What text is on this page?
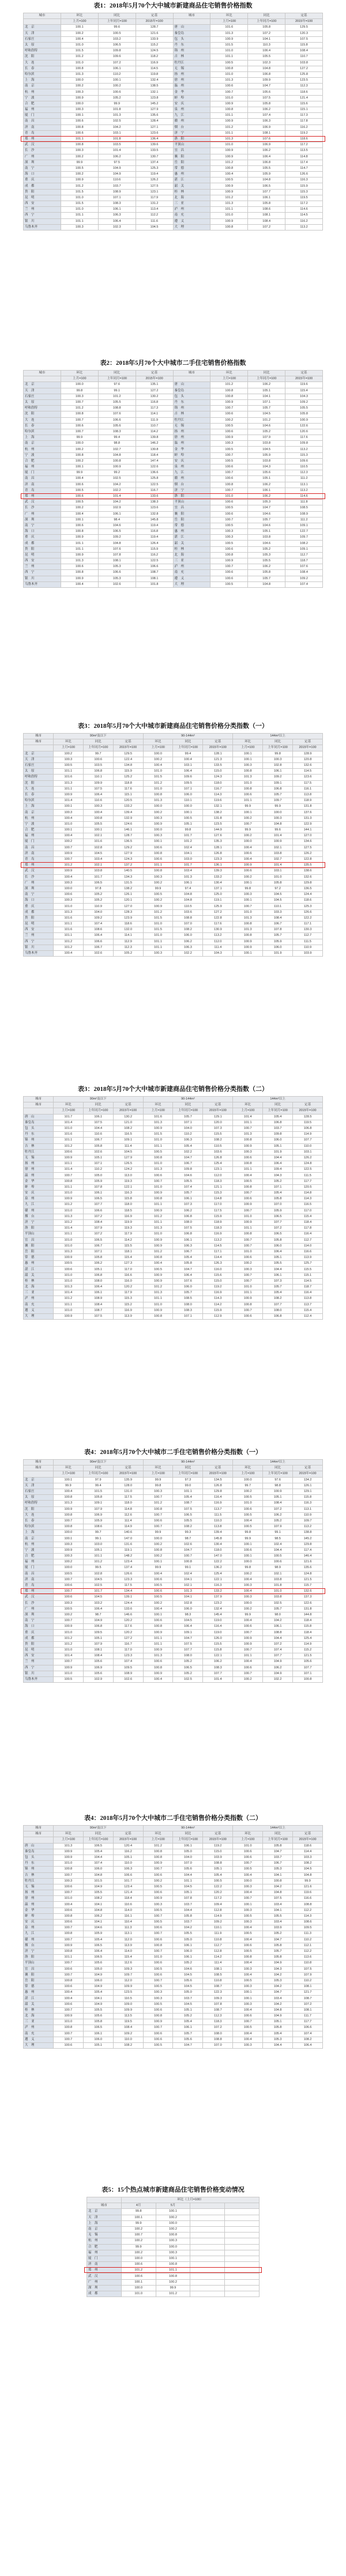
表1：2018年5月70个大中城市新建商品住宅销售价格指数
城市	环比	同比	定基	城市	环比	同比	定基
	上月=100	上年同月=100	2015年=100		上月=100	上年同月=100	2015年=100
北　京	100.1	99.6	128.7	唐　山	101.6	105.8	129.5
天　津	100.2	100.5	121.6	秦皇岛	101.3	107.2	120.3
石家庄	100.4	103.2	133.9	包　头	100.9	104.1	107.5
太　原	101.0	106.5	115.2	丹　东	101.5	110.3	115.8
呼和浩特	101.5	109.8	124.5	锦　州	101.0	106.4	108.4
沈　阳	101.2	109.6	118.2	吉　林	101.1	105.5	110.7
大　连	101.0	107.2	116.9	牡丹江	100.5	102.3	103.8
长　春	100.8	106.1	114.5	无　锡	100.8	104.8	127.2
哈尔滨	101.3	110.2	119.8	扬　州	101.0	106.8	125.8
上　海	100.0	100.1	132.4	徐　州	101.3	109.9	123.5
南　京	100.2	100.2	138.5	温　州	100.6	104.7	112.3
杭　州	100.3	100.6	132.1	金　华	100.7	105.6	118.6
宁　波	100.9	105.2	123.8	蚌　埠	101.0	107.5	121.4
合　肥	100.0	99.9	145.2	安　庆	100.9	105.8	115.6
福　州	100.3	101.8	127.9	泉　州	100.8	106.2	115.1
厦　门	100.1	101.3	135.6	九　江	101.1	107.4	117.3
南　昌	100.6	102.5	128.4	赣　州	100.9	106.3	117.8
济　南	100.8	104.2	127.1	烟　台	101.2	106.9	116.2
青　岛	100.6	103.1	123.6	济　宁	101.1	108.1	119.2
郑　州	101.1	101.8	136.4	洛　阳	101.3	107.6	118.6
武　汉	100.8	103.5	139.6	平顶山	101.0	106.9	117.2
长　沙	100.3	101.4	133.5	宜　昌	100.9	106.2	113.5
广　州	100.2	106.2	130.7	襄　阳	100.9	106.4	114.8
深　圳	99.9	97.5	137.4	岳　阳	101.2	106.8	117.4
南　宁	100.5	104.9	125.3	常　德	100.8	105.5	114.7
海　口	100.2	104.9	119.4	惠　州	100.4	105.9	126.6
重　庆	100.9	110.6	126.2	湛　江	100.5	104.8	116.3
成　都	101.2	103.7	127.5	韶　关	100.9	106.5	115.9
贵　阳	101.5	108.9	123.1	桂　林	100.9	107.7	115.3
昆　明	101.0	107.1	117.9	北　海	101.2	106.1	119.5
西　安	101.5	108.3	131.2	三　亚	101.3	105.8	117.2
兰　州	101.0	106.1	113.4	泸　州	101.1	108.6	114.6
西　宁	101.1	106.3	112.2	南　充	101.0	108.1	114.5
银　川	101.1	106.4	111.6	遵　义	100.9	108.4	116.2
乌鲁木齐	100.3	102.3	104.5	大　理	100.8	107.2	113.2
表2：2018年5月70个大中城市二手住宅销售价格指数
城市	环比	同比	定基	城市	环比	同比	定基
	上月=100	上年同月=100	2015年=100		上月=100	上年同月=100	2015年=100
北　京	100.0	97.6	135.1	唐　山	101.2	106.2	119.6
天　津	99.8	99.1	127.2	秦皇岛	100.8	105.1	115.4
石家庄	100.3	101.2	130.2	包　头	100.8	104.1	104.3
太　原	100.7	105.5	116.8	丹　东	100.9	107.1	109.2
呼和浩特	101.2	108.8	117.3	锦　州	100.7	105.7	105.5
沈　阳	100.8	107.6	114.1	吉　林	100.6	104.5	105.8
大　连	100.7	106.6	111.9	牡丹江	100.2	101.2	100.9
长　春	100.6	105.6	110.7	无　锡	100.5	104.6	122.6
哈尔滨	100.7	108.3	114.2	扬　州	100.6	105.2	120.6
上　海	99.9	99.4	139.8	徐　州	100.9	107.9	117.6
南　京	100.0	98.8	146.2	温　州	100.3	103.8	109.8
杭　州	100.2	102.7	130.8	金　华	100.5	104.5	113.2
宁　波	100.8	104.8	118.4	蚌　埠	100.7	105.9	115.3
合　肥	100.2	100.8	147.4	安　庆	100.5	103.8	109.6
福　州	100.1	100.9	122.6	泉　州	100.6	104.3	110.5
厦　门	99.9	99.2	136.6	九　江	100.7	105.6	112.3
南　昌	100.4	102.5	125.8	赣　州	100.6	105.1	111.2
济　南	100.6	104.2	122.5	烟　台	100.8	106.2	113.1
青　岛	100.5	102.2	116.7	济　宁	100.7	106.1	113.2
郑　州	100.6	101.4	133.6	洛　阳	101.0	106.2	114.6
武　汉	100.5	104.2	138.3	平顶山	100.6	105.3	111.8
长　沙	100.2	102.9	123.6	宜　昌	100.5	104.7	108.5
广　州	100.4	106.1	132.8	襄　阳	100.6	104.6	108.9
深　圳	100.1	98.4	145.8	岳　阳	100.7	105.7	111.2
南　宁	100.6	104.6	119.4	常　德	100.5	104.6	109.1
海　口	100.8	106.5	116.8	惠　州	100.3	105.1	122.7
重　庆	100.9	109.2	119.4	湛　江	100.3	103.8	109.7
成　都	101.1	104.8	126.4	韶　关	100.5	104.6	108.2
贵　阳	101.1	107.6	115.9	桂　林	100.6	105.2	109.1
昆　明	100.9	107.8	116.2	北　海	100.8	105.3	112.7
西　安	101.3	108.1	122.5	三　亚	100.9	105.5	118.7
兰　州	100.6	105.3	106.6	泸　州	100.7	106.2	107.6
西　宁	100.8	106.6	108.7	南　充	100.6	105.8	108.4
银　川	100.9	105.3	108.1	遵　义	100.6	105.7	109.2
乌鲁木齐	100.4	102.6	101.8	大　理	100.5	104.8	107.4
表3：2018年5月70个大中城市新建商品住宅销售价格分类指数（一）
城市	90m²及以下			90-144m²			144m²以上		
城市	环比	同比	定基	环比	同比	定基	环比	同比	定基
	上月=100	上年同月=100	2015年=100	上月=100	上年同月=100	2015年=100	上月=100	上年同月=100	2015年=100
北　京	100.2	99.7	129.5	100.0	99.4	128.1	100.1	99.8	128.9
天　津	100.3	100.6	122.4	100.2	100.4	121.3	100.1	100.3	120.8
石家庄	100.5	103.5	134.8	100.4	103.1	133.5	100.3	102.8	132.6
太　原	101.1	106.8	115.9	101.0	106.4	115.0	100.8	106.1	114.5
呼和浩特	101.6	110.1	125.2	101.5	109.6	124.3	101.3	109.2	123.6
沈　阳	101.3	109.9	118.8	101.2	109.5	118.0	101.0	109.1	117.5
大　连	101.1	107.5	117.6	101.0	107.1	116.7	100.8	106.8	116.1
长　春	100.9	106.4	115.1	100.8	106.0	114.3	100.6	105.7	113.8
哈尔滨	101.4	110.6	120.5	101.3	110.1	119.6	101.1	109.7	118.9
上　海	100.1	100.3	133.2	100.0	100.0	132.1	99.9	99.9	131.8
南　京	100.3	100.4	139.4	100.2	100.1	138.2	100.1	100.0	137.6
杭　州	100.4	100.8	132.9	100.3	100.5	131.8	100.2	100.3	131.3
宁　波	101.0	105.5	124.6	100.9	105.1	123.5	100.7	104.8	122.9
合　肥	100.1	100.1	146.1	100.0	99.8	144.9	99.9	99.6	144.1
福　州	100.4	102.1	128.7	100.3	101.7	127.6	100.2	101.4	127.0
厦　门	100.2	101.6	136.5	100.1	101.2	135.3	100.0	100.9	134.6
南　昌	100.7	102.8	129.2	100.6	102.4	128.1	100.4	102.1	127.5
济　南	100.9	104.5	127.9	100.8	104.1	126.8	100.6	103.8	126.2
青　岛	100.7	103.4	124.3	100.6	103.0	123.3	100.4	102.7	122.8
郑　州	101.2	102.1	137.2	101.1	101.7	136.1	100.9	101.4	135.5
武　汉	100.9	103.8	140.5	100.8	103.4	139.3	100.6	103.1	138.6
长　沙	100.4	101.7	134.3	100.3	101.3	133.2	100.2	101.0	132.6
广　州	100.3	106.5	131.5	100.2	106.1	130.4	100.1	105.8	129.8
深　圳	100.0	97.8	138.2	99.9	97.4	137.1	99.8	97.2	136.5
南　宁	100.6	105.2	126.1	100.5	104.8	125.0	100.3	104.5	124.4
海　口	100.3	105.2	120.1	100.2	104.8	119.1	100.1	104.5	118.6
重　庆	101.0	110.9	127.0	100.9	110.5	125.9	100.7	110.1	125.3
成　都	101.3	104.0	128.3	101.2	103.6	127.2	101.0	103.3	126.6
贵　阳	101.6	109.2	123.9	101.5	108.8	122.8	101.3	108.4	122.2
昆　明	101.1	107.4	118.6	101.0	107.0	117.6	100.8	106.7	117.1
西　安	101.6	108.6	132.0	101.5	108.2	130.9	101.3	107.8	130.3
兰　州	101.1	106.4	114.1	101.0	106.0	113.2	100.8	105.7	112.7
西　宁	101.2	106.6	112.9	101.1	106.2	112.0	100.9	105.9	111.5
银　川	101.2	106.7	112.3	101.1	106.3	111.4	100.9	106.0	110.9
乌鲁木齐	100.4	102.6	105.2	100.3	102.2	104.3	100.1	101.9	103.9
表3：2018年5月70个大中城市新建商品住宅销售价格分类指数（二）
城市	90m²及以下			90-144m²			144m²以上		
城市	环比	同比	定基	环比	同比	定基	环比	同比	定基
	上月=100	上年同月=100	2015年=100	上月=100	上年同月=100	2015年=100	上月=100	上年同月=100	2015年=100
唐　山	101.7	106.1	130.2	101.6	105.7	129.1	101.4	105.4	128.5
秦皇岛	101.4	107.5	121.0	101.3	107.1	120.0	101.1	106.8	119.5
包　头	101.0	104.4	108.2	100.9	104.0	107.3	100.7	103.7	106.8
丹　东	101.6	110.6	116.5	101.5	110.2	115.5	101.3	109.8	114.9
锦　州	101.1	106.7	109.1	101.0	106.3	108.2	100.8	106.0	107.7
吉　林	101.2	105.8	111.4	101.1	105.4	110.5	100.9	105.1	110.0
牡丹江	100.6	102.6	104.5	100.5	102.2	103.6	100.3	101.9	103.1
无　锡	100.9	105.1	127.9	100.8	104.7	126.8	100.6	104.4	126.2
扬　州	101.1	107.1	126.5	101.0	106.7	125.4	100.8	106.4	124.8
徐　州	101.4	110.2	124.2	101.3	109.8	123.1	101.1	109.4	122.5
温　州	100.7	105.0	113.0	100.6	104.6	112.0	100.4	104.3	111.5
金　华	100.8	105.9	119.3	100.7	105.5	118.3	100.5	105.2	117.7
蚌　埠	101.1	107.8	122.1	101.0	107.4	121.1	100.8	107.1	120.5
安　庆	101.0	106.1	116.3	100.9	105.7	115.3	100.7	105.4	114.8
泉　州	100.9	106.5	115.8	100.8	106.1	114.8	100.6	105.8	114.3
九　江	101.2	107.7	118.0	101.1	107.3	117.0	100.9	107.0	116.5
赣　州	101.0	106.6	118.5	100.9	106.2	117.5	100.7	105.9	117.0
烟　台	101.3	107.2	116.9	101.2	106.8	115.9	101.0	106.5	115.4
济　宁	101.2	108.4	119.9	101.1	108.0	118.9	100.9	107.7	118.4
洛　阳	101.4	107.9	119.3	101.3	107.5	118.3	101.1	107.2	117.8
平顶山	101.1	107.2	117.9	101.0	106.8	116.9	100.8	106.5	116.4
宜　昌	101.0	106.5	114.2	100.9	106.1	113.2	100.7	105.8	112.7
襄　阳	101.0	106.7	115.5	100.9	106.3	114.5	100.7	106.0	114.0
岳　阳	101.3	107.1	118.1	101.2	106.7	117.1	101.0	106.4	116.6
常　德	100.9	105.8	115.4	100.8	105.4	114.4	100.6	105.1	113.9
惠　州	100.5	106.2	127.3	100.4	105.8	126.3	100.2	105.5	125.7
湛　江	100.6	105.1	117.0	100.5	104.7	116.0	100.3	104.4	115.5
韶　关	101.0	106.8	116.6	100.9	106.4	115.6	100.7	106.1	115.1
桂　林	101.0	108.0	116.0	100.9	107.6	115.0	100.7	107.3	114.5
北　海	101.3	106.4	120.2	101.2	106.0	119.2	101.0	105.7	118.7
三　亚	101.4	106.1	117.9	101.3	105.7	116.9	101.1	105.4	116.4
泸　州	101.2	108.9	115.3	101.1	108.5	114.3	100.9	108.2	113.8
南　充	101.1	108.4	115.2	101.0	108.0	114.2	100.8	107.7	113.7
遵　义	101.0	108.7	116.9	100.9	108.3	115.9	100.7	108.0	115.4
大　理	100.9	107.5	113.9	100.8	107.1	112.9	100.6	106.8	112.4
表4：2018年5月70个大中城市二手住宅销售价格分类指数（一）
城市	90m²及以下			90-144m²			144m²以上		
城市	环比	同比	定基	环比	同比	定基	环比	同比	定基
	上月=100	上年同月=100	2015年=100	上月=100	上年同月=100	2015年=100	上月=100	上年同月=100	2015年=100
北　京	100.1	97.9	135.9	99.9	97.3	134.5	100.0	97.6	134.2
天　津	99.9	99.4	128.0	99.8	99.0	126.8	99.7	98.8	126.1
石家庄	100.4	101.5	131.0	100.3	101.1	129.8	100.2	100.9	129.1
太　原	100.8	105.8	117.5	100.7	105.4	116.4	100.5	105.1	115.8
呼和浩特	101.3	109.1	118.0	101.2	108.7	116.9	101.0	108.4	116.3
沈　阳	100.9	107.9	114.8	100.8	107.5	113.7	100.6	107.2	113.1
大　连	100.8	106.9	112.6	100.7	106.5	111.5	100.5	106.2	110.9
长　春	100.7	105.9	111.4	100.6	105.5	110.3	100.4	105.2	109.7
哈尔滨	100.8	108.6	114.9	100.7	108.2	113.8	100.5	107.9	113.2
上　海	100.0	99.7	140.6	99.9	99.3	139.4	99.8	99.1	138.8
南　京	100.1	99.1	147.0	100.0	98.7	145.8	99.9	98.5	145.2
杭　州	100.3	103.0	131.6	100.2	102.6	130.4	100.1	102.4	129.8
宁　波	100.9	105.1	119.1	100.8	104.7	118.0	100.6	104.4	117.4
合　肥	100.3	101.1	148.2	100.2	100.7	147.0	100.1	100.5	146.4
福　州	100.2	101.2	123.4	100.1	100.8	122.2	100.0	100.6	121.6
厦　门	100.0	99.5	137.4	99.9	99.1	136.2	99.8	98.9	135.6
南　昌	100.5	102.8	126.6	100.4	102.4	125.4	100.2	102.1	124.8
济　南	100.7	104.5	123.3	100.6	104.1	122.1	100.4	103.8	121.5
青　岛	100.6	102.5	117.5	100.5	102.1	116.3	100.3	101.8	115.7
郑　州	100.7	101.7	134.4	100.6	101.3	133.2	100.4	101.0	132.6
武　汉	100.6	104.5	139.1	100.5	104.1	137.9	100.3	103.8	137.3
长　沙	100.3	103.2	124.4	100.2	102.8	123.2	100.0	102.5	122.6
广　州	100.5	106.4	133.6	100.4	106.0	132.4	100.2	105.7	131.8
深　圳	100.2	98.7	146.6	100.1	98.3	145.4	99.9	98.0	144.8
南　宁	100.7	104.9	120.2	100.6	104.5	119.0	100.4	104.2	118.4
海　口	100.9	106.8	117.6	100.8	106.4	116.4	100.6	106.1	115.8
重　庆	101.0	109.5	120.2	100.9	109.1	119.0	100.7	108.8	118.4
成　都	101.2	105.1	127.2	101.1	104.7	126.0	100.9	104.4	125.4
贵　阳	101.2	107.9	116.7	101.1	107.5	115.5	100.9	107.2	114.9
昆　明	101.0	108.1	117.0	100.9	107.7	115.8	100.7	107.4	115.2
西　安	101.4	108.4	123.3	101.3	108.0	122.1	101.1	107.7	121.5
兰　州	100.7	105.6	107.4	100.6	105.2	106.2	100.4	104.9	105.6
西　宁	100.9	106.9	109.5	100.8	106.5	108.3	100.6	106.2	107.7
银　川	101.0	105.6	108.9	100.9	105.2	107.7	100.7	104.9	107.1
乌鲁木齐	100.5	102.9	102.6	100.4	102.5	101.4	100.2	102.2	100.8
表4：2018年5月70个大中城市二手住宅销售价格分类指数（二）
城市	90m²及以下			90-144m²			144m²以上		
城市	环比	同比	定基	环比	同比	定基	环比	同比	定基
	上月=100	上年同月=100	2015年=100	上月=100	上年同月=100	2015年=100	上月=100	上年同月=100	2015年=100
唐　山	101.3	106.5	120.4	101.2	106.1	119.2	101.0	105.8	118.6
秦皇岛	100.9	105.4	116.2	100.8	105.0	115.0	100.6	104.7	114.4
包　头	100.9	104.4	105.1	100.8	104.0	103.9	100.6	103.7	103.3
丹　东	101.0	107.4	110.0	100.9	107.0	108.8	100.7	106.7	108.2
锦　州	100.8	106.0	106.3	100.7	105.6	105.1	100.5	105.3	104.5
吉　林	100.7	104.8	106.6	100.6	104.4	105.4	100.4	104.1	104.8
牡丹江	100.3	101.5	101.7	100.2	101.1	100.5	100.0	100.8	99.9
无　锡	100.6	104.9	123.4	100.5	104.5	122.2	100.3	104.2	121.6
扬　州	100.7	105.5	121.4	100.6	105.1	120.2	100.4	104.8	119.6
徐　州	101.0	108.2	118.4	100.9	107.8	117.2	100.7	107.5	116.6
温　州	100.4	104.1	110.6	100.3	103.7	109.4	100.1	103.4	108.8
金　华	100.6	104.8	114.0	100.5	104.4	112.8	100.3	104.1	112.2
蚌　埠	100.8	106.2	116.1	100.7	105.8	114.9	100.5	105.5	114.3
安　庆	100.6	104.1	110.4	100.5	103.7	109.2	100.3	103.4	108.6
泉　州	100.7	104.6	111.3	100.6	104.2	110.1	100.4	103.9	109.5
九　江	100.8	105.9	113.1	100.7	105.5	111.9	100.5	105.2	111.3
赣　州	100.7	105.4	112.0	100.6	105.0	110.8	100.4	104.7	110.2
烟　台	100.9	106.5	113.9	100.8	106.1	112.7	100.6	105.8	112.1
济　宁	100.8	106.4	114.0	100.7	106.0	112.8	100.5	105.7	112.2
洛　阳	101.1	106.5	115.4	101.0	106.1	114.2	100.8	105.8	113.6
平顶山	100.7	105.6	112.6	100.6	105.2	111.4	100.4	104.9	110.8
宜　昌	100.6	105.0	109.3	100.5	104.6	108.1	100.3	104.3	107.5
襄　阳	100.7	104.9	109.7	100.6	104.5	108.5	100.4	104.2	107.9
岳　阳	100.8	106.0	112.0	100.7	105.6	110.8	100.5	105.3	110.2
常　德	100.6	104.9	109.9	100.5	104.5	108.7	100.3	104.2	108.1
惠　州	100.4	105.4	123.5	100.3	105.0	122.3	100.1	104.7	121.7
湛　江	100.4	104.1	110.5	100.3	103.7	109.3	100.1	103.4	108.7
韶　关	100.6	104.9	109.0	100.5	104.5	107.8	100.3	104.2	107.2
桂　林	100.7	105.5	109.9	100.6	105.1	108.7	100.4	104.8	108.1
北　海	100.9	105.6	113.5	100.8	105.2	112.3	100.6	104.9	111.7
三　亚	101.0	105.8	119.5	100.9	105.4	118.3	100.7	105.1	117.7
泸　州	100.8	106.5	108.4	100.7	106.1	107.2	100.5	105.8	106.6
南　充	100.7	106.1	109.2	100.6	105.7	108.0	100.4	105.4	107.4
遵　义	100.7	106.0	110.0	100.6	105.6	108.8	100.4	105.3	108.2
大　理	100.6	105.1	108.2	100.5	104.7	107.0	100.3	104.4	106.4
表5：15个热点城市新建商品住宅销售价格变动情况
	环比（上月=100）			
城市	4月	5月		
北　京	99.8	100.1		
天　津	100.1	100.2		
上　海	99.9	100.0		
南　京	100.2	100.2		
无　锡	100.7	100.8		
杭　州	100.2	100.3		
合　肥	99.9	100.0		
福　州	100.2	100.3		
厦　门	100.0	100.1		
济　南	100.6	100.8		
郑　州	101.2	101.1		
武　汉	100.6	100.8		
广　州	100.1	100.2		
深　圳	100.0	99.9		
成　都	101.0	101.2		
